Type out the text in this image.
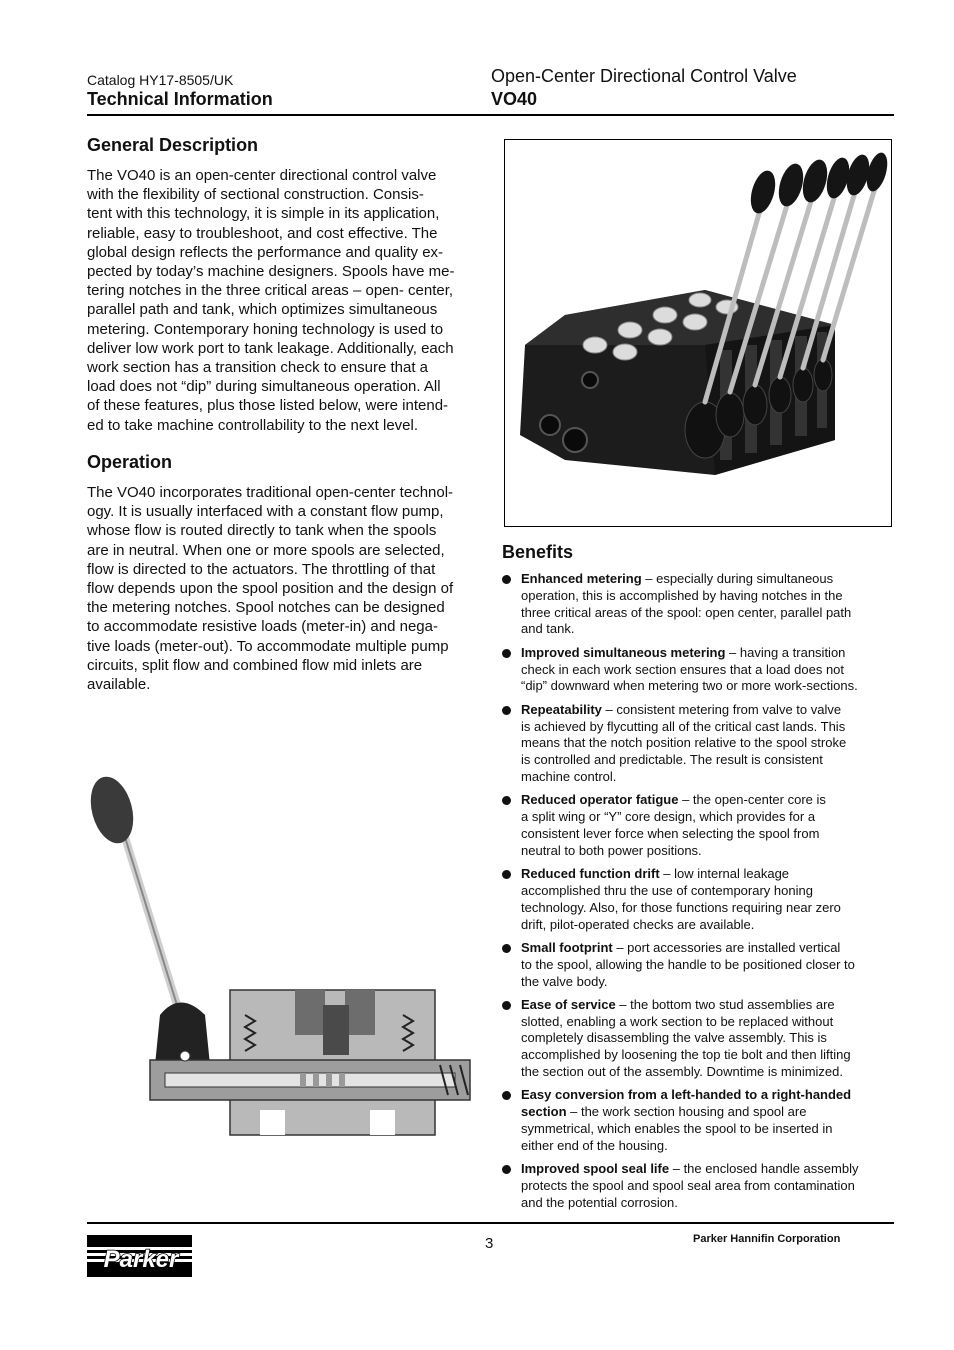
Catalog HY17-8505/UK
Technical Information
Open-Center Directional Control Valve
VO40
General Description

The VO40 is an open-center directional control valve
with the flexibility of sectional construction. Consis-
tent with this technology, it is simple in its application,
reliable, easy to troubleshoot, and cost effective. The
global design reflects the performance and quality ex-
pected by today’s machine designers. Spools have me-
tering notches in the three critical areas – open- center,
parallel path and tank, which optimizes simultaneous
metering. Contemporary honing technology is used to
deliver low work port to tank leakage. Additionally, each
work section has a transition check to ensure that a
load does not “dip” during simultaneous operation. All
of these features, plus those listed below, were intend-
ed to take machine controllability to the next level.

Operation

The VO40 incorporates traditional open-center technol-
ogy. It is usually interfaced with a constant flow pump,
whose flow is routed directly to tank when the spools
are in neutral. When one or more spools are selected,
flow is directed to the actuators. The throttling of that
flow depends upon the spool position and the design of
the metering notches. Spool notches can be designed
to accommodate resistive loads (meter-in) and nega-
tive loads (meter-out). To accommodate multiple pump
circuits, split flow and combined flow mid inlets are
available.

Benefits
Enhanced metering – especially during simultaneous
operation, this is accomplished by having notches in the
three critical areas of the spool: open center, parallel path
and tank.
Improved simultaneous metering – having a transition
check in each work section ensures that a load does not
“dip” downward when metering two or more work-sections.
Repeatability – consistent metering from valve to valve
is achieved by flycutting all of the critical cast lands. This
means that the notch position relative to the spool stroke
is controlled and predictable. The result is consistent
machine control.
Reduced operator fatigue – the open-center core is
a split wing or “Y” core design, which provides for a
consistent lever force when selecting the spool from
neutral to both power positions.
Reduced function drift – low internal leakage
accomplished thru the use of contemporary honing
technology. Also, for those functions requiring near zero
drift, pilot-operated checks are available.
Small footprint – port accessories are installed vertical
to the spool, allowing the handle to be positioned closer to
the valve body.
Ease of service – the bottom two stud assemblies are
slotted, enabling a work section to be replaced without
completely disassembling the valve assembly. This is
accomplished by loosening the top tie bolt and then lifting
the section out of the assembly. Downtime is minimized.
Easy conversion from a left-handed to a right-handed section – the work section housing and spool are
symmetrical, which enables the spool to be inserted in
either end of the housing.
Improved spool seal life – the enclosed handle assembly
protects the spool and spool seal area from contamination
and the potential corrosion.
3	Parker Hannifin Corporation
Parker
